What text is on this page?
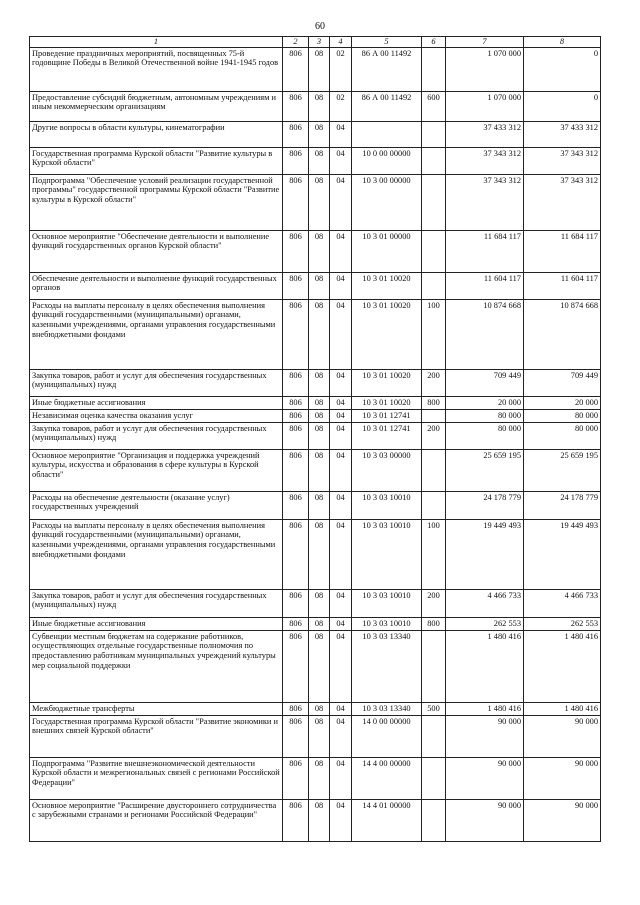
60
1	2	3	4	5	6	7	8
Проведение праздничных мероприятий, посвященных 75-й годовщине Победы в Великой Отечественной войне 1941-1945 годов	806	08	02	86 А 00 11492		1 070 000	0
Предоставление субсидий бюджетным, автономным учреждениям и иным некоммерческим организациям	806	08	02	86 А 00 11492	600	1 070 000	0
Другие вопросы в области культуры, кинематографии	806	08	04			37 433 312	37 433 312
Государственная программа Курской области "Развитие культуры в Курской области"	806	08	04	10 0 00 00000		37 343 312	37 343 312
Подпрограмма "Обеспечение условий реализации государственной программы" государственной программы Курской области "Развитие культуры в Курской области"	806	08	04	10 3 00 00000		37 343 312	37 343 312
Основное мероприятие "Обеспечение деятельности и выполнение функций государственных органов Курской области"	806	08	04	10 3 01 00000		11 684 117	11 684 117
Обеспечение деятельности и выполнение функций государственных органов	806	08	04	10 3 01 10020		11 604 117	11 604 117
Расходы на выплаты персоналу в целях обеспечения выполнения функций государственными (муниципальными) органами, казенными учреждениями, органами управления государственными внебюджетными фондами	806	08	04	10 3 01 10020	100	10 874 668	10 874 668
Закупка товаров, работ и услуг для обеспечения государственных (муниципальных) нужд	806	08	04	10 3 01 10020	200	709 449	709 449
Иные бюджетные ассигнования	806	08	04	10 3 01 10020	800	20 000	20 000
Независимая оценка качества оказания услуг	806	08	04	10 3 01 12741		80 000	80 000
Закупка товаров, работ и услуг для обеспечения государственных (муниципальных) нужд	806	08	04	10 3 01 12741	200	80 000	80 000
Основное мероприятие "Организация и поддержка учреждений культуры, искусства и образования в сфере культуры в Курской области"	806	08	04	10 3 03 00000		25 659 195	25 659 195
Расходы на обеспечение деятельности (оказание услуг) государственных учреждений	806	08	04	10 3 03 10010		24 178 779	24 178 779
Расходы на выплаты персоналу в целях обеспечения выполнения функций государственными (муниципальными) органами, казенными учреждениями, органами управления государственными внебюджетными фондами	806	08	04	10 3 03 10010	100	19 449 493	19 449 493
Закупка товаров, работ и услуг для обеспечения государственных (муниципальных) нужд	806	08	04	10 3 03 10010	200	4 466 733	4 466 733
Иные бюджетные ассигнования	806	08	04	10 3 03 10010	800	262 553	262 553
Субвенции местным бюджетам на содержание работников, осуществляющих отдельные государственные полномочия по предоставлению работникам муниципальных учреждений культуры мер социальной поддержки	806	08	04	10 3 03 13340		1 480 416	1 480 416
Межбюджетные трансферты	806	08	04	10 3 03 13340	500	1 480 416	1 480 416
Государственная программа Курской области "Развитие экономики и внешних связей Курской области"	806	08	04	14 0 00 00000		90 000	90 000
Подпрограмма "Развитие внешнеэкономической деятельности Курской области и межрегиональных связей с регионами Российской Федерации"	806	08	04	14 4 00 00000		90 000	90 000
Основное мероприятие "Расширение двустороннего сотрудничества с зарубежными странами и регионами Российской Федерации"	806	08	04	14 4 01 00000		90 000	90 000
